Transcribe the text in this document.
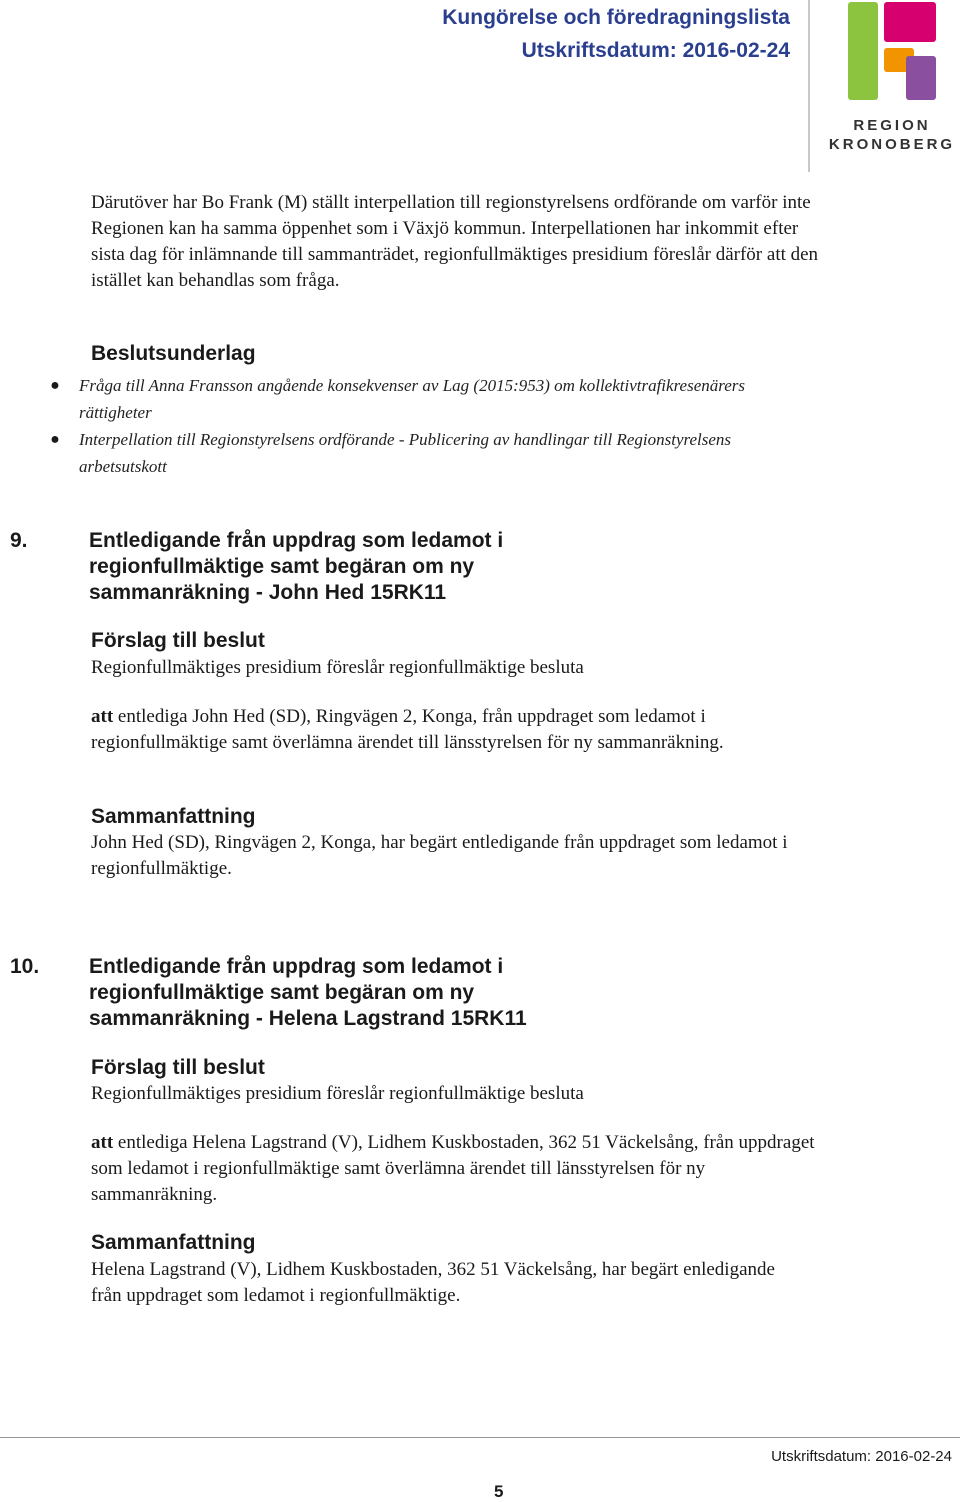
Kungörelse och föredragningslista
Utskriftsdatum: 2016-02-24
REGION
KRONOBERG
Därutöver har Bo Frank (M) ställt interpellation till regionstyrelsens ordförande om varför inte Regionen kan ha samma öppenhet som i Växjö kommun. Interpellationen har inkommit efter sista dag för inlämnande till sammanträdet, regionfullmäktiges presidium föreslår därför att den istället kan behandlas som fråga.
Beslutsunderlag
● Fråga till Anna Fransson angående konsekvenser av Lag (2015:953) om kollektivtrafikresenärers rättigheter
● Interpellation till Regionstyrelsens ordförande - Publicering av handlingar till Regionstyrelsens arbetsutskott
9.	Entledigande från uppdrag som ledamot i regionfullmäktige samt begäran om ny sammanräkning - John Hed 15RK11
Förslag till beslut
Regionfullmäktiges presidium föreslår regionfullmäktige besluta
att entlediga John Hed (SD), Ringvägen 2, Konga, från uppdraget som ledamot i regionfullmäktige samt överlämna ärendet till länsstyrelsen för ny sammanräkning.
Sammanfattning
John Hed (SD), Ringvägen 2, Konga, har begärt entledigande från uppdraget som ledamot i regionfullmäktige.
10. Entledigande från uppdrag som ledamot i regionfullmäktige samt begäran om ny sammanräkning - Helena Lagstrand 15RK11
Förslag till beslut
Regionfullmäktiges presidium föreslår regionfullmäktige besluta
att entlediga Helena Lagstrand (V), Lidhem Kuskbostaden, 362 51 Väckelsång, från uppdraget som ledamot i regionfullmäktige samt överlämna ärendet till länsstyrelsen för ny sammanräkning.
Sammanfattning
Helena Lagstrand (V), Lidhem Kuskbostaden, 362 51 Väckelsång, har begärt enledigande från uppdraget som ledamot i regionfullmäktige.
Utskriftsdatum: 2016-02-24
5
